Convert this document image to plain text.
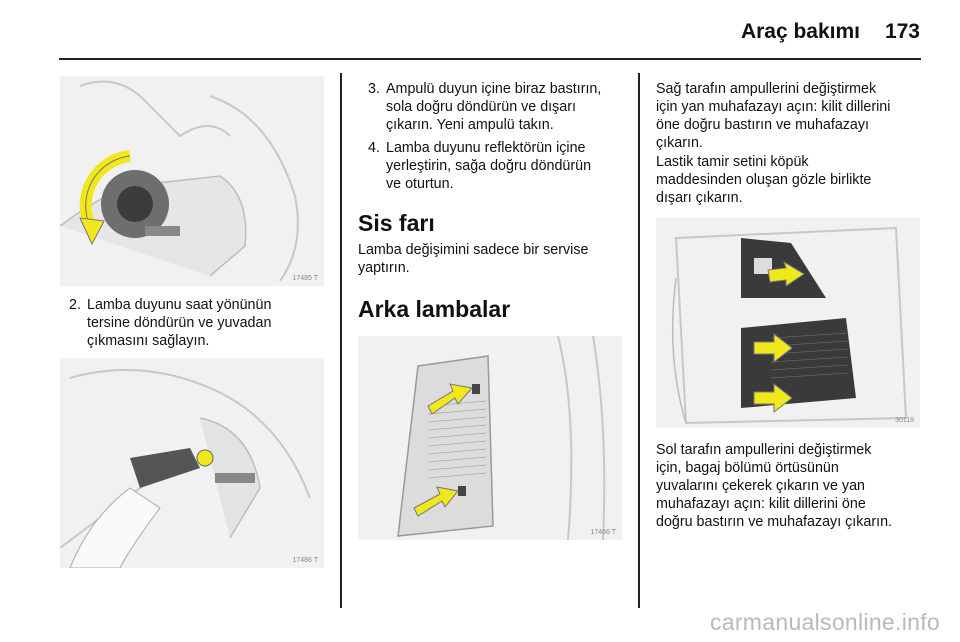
Araç bakımı 173
17485 T
2. Lamba duyunu saat yönünün
tersine döndürün ve yuvadan
çıkmasını sağlayın.
17486 T
3. Ampulü duyun içine biraz bastırın,
sola doğru döndürün ve dışarı
çıkarın. Yeni ampulü takın.
4. Lamba duyunu reflektörün içine
yerleştirin, sağa doğru döndürün
ve oturtun.
Sis farı
Lamba değişimini sadece bir servise
yaptırın.
Arka lambalar
17466 T
Sağ tarafın ampullerini değiştirmek
için yan muhafazayı açın: kilit dillerini
öne doğru bastırın ve muhafazayı
çıkarın.
Lastik tamir setini köpük
maddesinden oluşan gözle birlikte
dışarı çıkarın.
30119
Sol tarafın ampullerini değiştirmek
için, bagaj bölümü örtüsünün
yuvalarını çekerek çıkarın ve yan
muhafazayı açın: kilit dillerini öne
doğru bastırın ve muhafazayı çıkarın.
carmanualsonline.info
